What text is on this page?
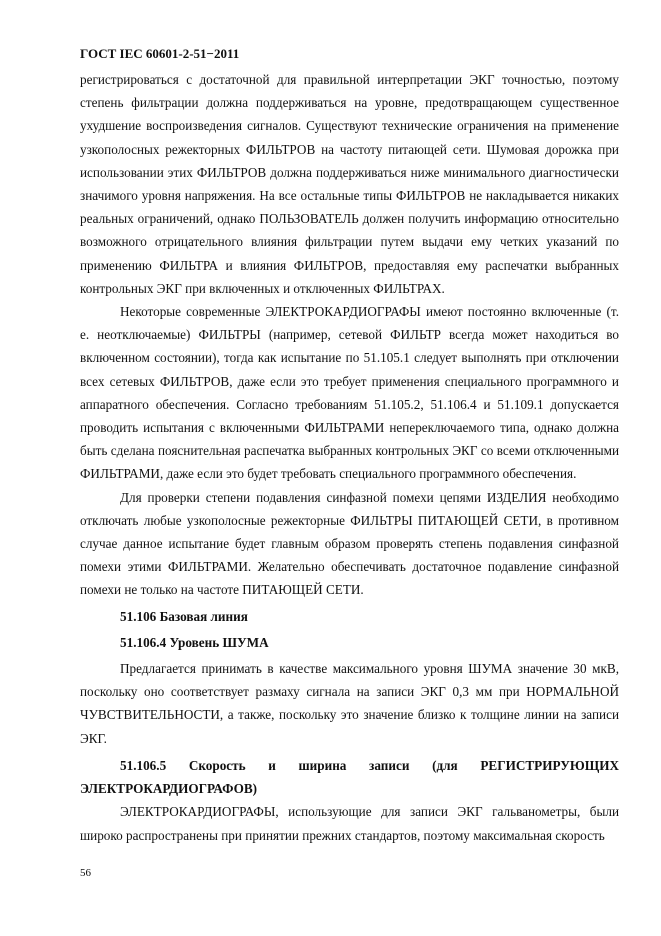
ГОСТ IEC 60601-2-51−2011

регистрироваться с достаточной для правильной интерпретации ЭКГ точностью, поэтому степень фильтрации должна поддерживаться на уровне, предотвращающем существенное ухудшение воспроизведения сигналов. Существуют технические ограничения на применение узкополосных режекторных ФИЛЬТРОВ на частоту питающей сети. Шумовая дорожка при использовании этих ФИЛЬТРОВ должна поддерживаться ниже минимального диагностически значимого уровня напряжения. На все остальные типы ФИЛЬТРОВ не накладывается никаких реальных ограничений, однако ПОЛЬЗОВАТЕЛЬ должен получить информацию относительно возможного отрицательного влияния фильтрации путем выдачи ему четких указаний по применению ФИЛЬТРА и влияния ФИЛЬТРОВ, предоставляя ему распечатки выбранных контрольных ЭКГ при включенных и отключенных ФИЛЬТРАХ.

Некоторые современные ЭЛЕКТРОКАРДИОГРАФЫ имеют постоянно включенные (т. е. неотключаемые) ФИЛЬТРЫ (например, сетевой ФИЛЬТР всегда может находиться во включенном состоянии), тогда как испытание по 51.105.1 следует выполнять при отключении всех сетевых ФИЛЬТРОВ, даже если это требует применения специального программного и аппаратного обеспечения. Согласно требованиям 51.105.2, 51.106.4 и 51.109.1 допускается проводить испытания с включенными ФИЛЬТРАМИ непереключаемого типа, однако должна быть сделана пояснительная распечатка выбранных контрольных ЭКГ со всеми отключенными ФИЛЬТРАМИ, даже если это будет требовать специального программного обеспечения.

Для проверки степени подавления синфазной помехи цепями ИЗДЕЛИЯ необходимо отключать любые узкополосные режекторные ФИЛЬТРЫ ПИТАЮЩЕЙ СЕТИ, в противном случае данное испытание будет главным образом проверять степень подавления синфазной помехи этими ФИЛЬТРАМИ. Желательно обеспечивать достаточное подавление синфазной помехи не только на частоте ПИТАЮЩЕЙ СЕТИ.

51.106 Базовая линия
51.106.4 Уровень ШУМА

Предлагается принимать в качестве максимального уровня ШУМА значение 30 мкВ, поскольку оно соответствует размаху сигнала на записи ЭКГ 0,3 мм при НОРМАЛЬНОЙ ЧУВСТВИТЕЛЬНОСТИ, а также, поскольку это значение близко к толщине линии на записи ЭКГ.

51.106.5 Скорость и ширина записи (для РЕГИСТРИРУЮЩИХ ЭЛЕКТРОКАРДИОГРАФОВ)

ЭЛЕКТРОКАРДИОГРАФЫ, использующие для записи ЭКГ гальванометры, были широко распространены при принятии прежних стандартов, поэтому максимальная скорость

56
